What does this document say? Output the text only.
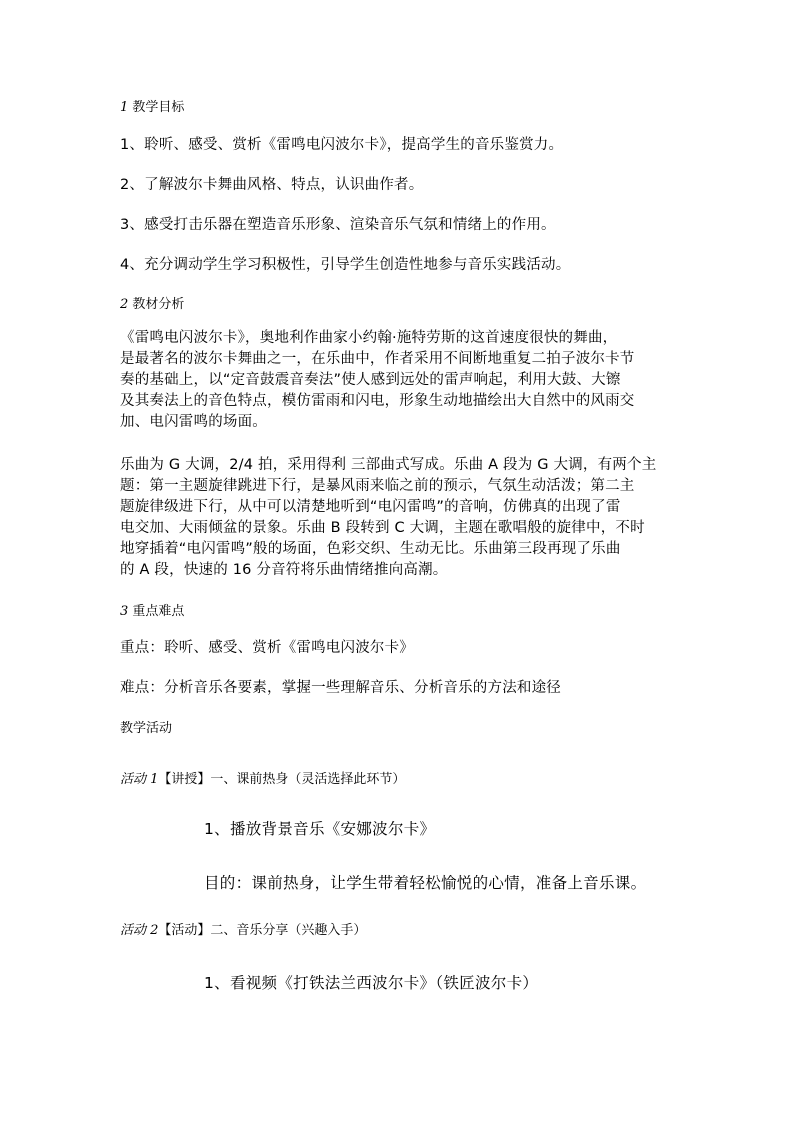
1 教学目标

1、聆听、感受、赏析《雷鸣电闪波尔卡》，提高学生的音乐鉴赏力。

2、了解波尔卡舞曲风格、特点，认识曲作者。

3、感受打击乐器在塑造音乐形象、渲染音乐气氛和情绪上的作用。

4、充分调动学生学习积极性，引导学生创造性地参与音乐实践活动。

2 教材分析

《雷鸣电闪波尔卡》，奥地利作曲家小约翰·施特劳斯的这首速度很快的舞曲，
是最著名的波尔卡舞曲之一，在乐曲中，作者采用不间断地重复二拍子波尔卡节
奏的基础上，以“定音鼓震音奏法”使人感到远处的雷声响起，利用大鼓、大镲
及其奏法上的音色特点，模仿雷雨和闪电，形象生动地描绘出大自然中的风雨交
加、电闪雷鸣的场面。
乐曲为 G 大调，2/4 拍，采用得利 三部曲式写成。乐曲 A 段为 G 大调，有两个主
题：第一主题旋律跳进下行，是暴风雨来临之前的预示，气氛生动活泼；第二主
题旋律级进下行，从中可以清楚地听到“电闪雷鸣”的音响，仿佛真的出现了雷
电交加、大雨倾盆的景象。乐曲 B 段转到 C 大调，主题在歌唱般的旋律中，不时
地穿插着“电闪雷鸣”般的场面，色彩交织、生动无比。乐曲第三段再现了乐曲
的 A 段，快速的 16 分音符将乐曲情绪推向高潮。

3 重点难点

重点：聆听、感受、赏析《雷鸣电闪波尔卡》

难点：分析音乐各要素，掌握一些理解音乐、分析音乐的方法和途径

教学活动

活动 1【讲授】一、课前热身（灵活选择此环节）

1、播放背景音乐《安娜波尔卡》

目的：课前热身，让学生带着轻松愉悦的心情，准备上音乐课。

活动 2【活动】二、音乐分享（兴趣入手）

1、看视频《打铁法兰西波尔卡》（铁匠波尔卡）
